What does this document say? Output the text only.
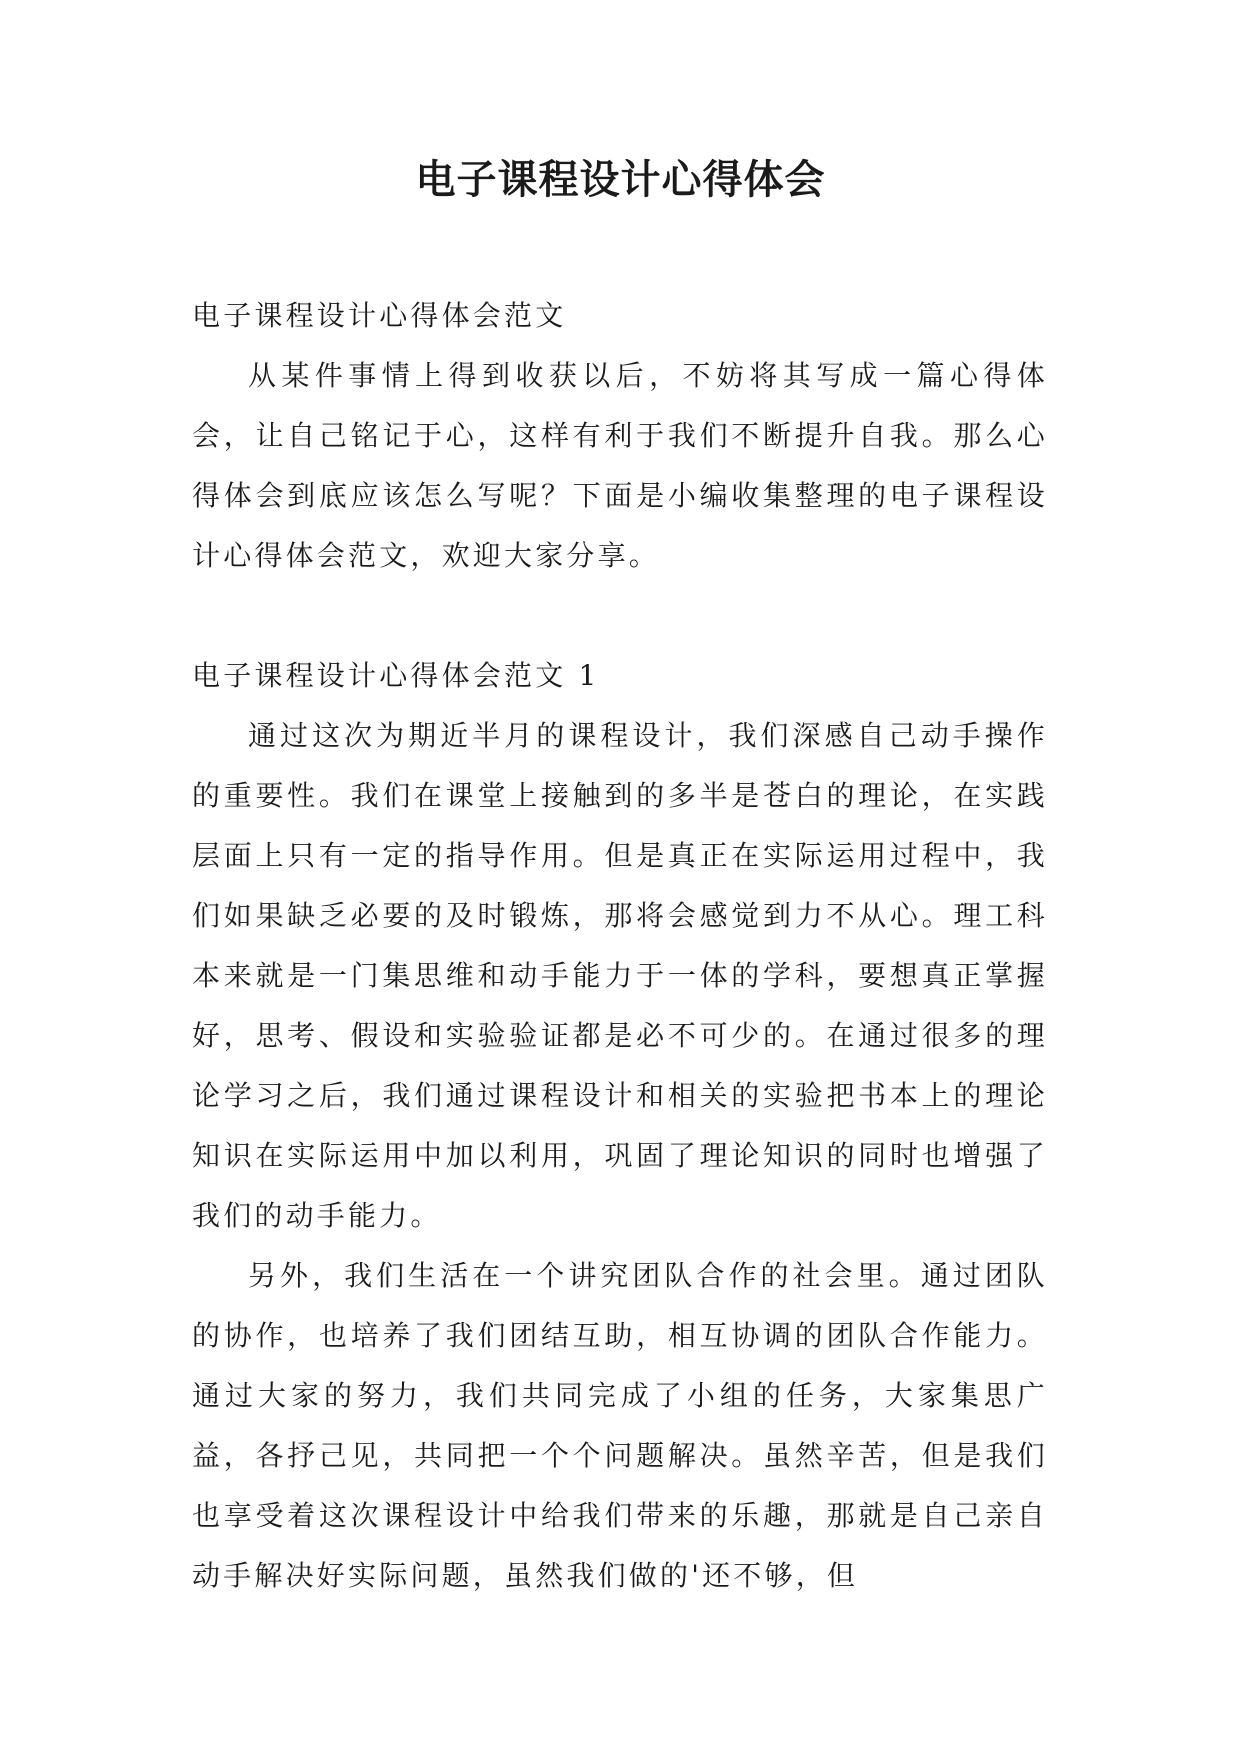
电子课程设计心得体会

电子课程设计心得体会范文

从某件事情上得到收获以后，不妨将其写成一篇心得体会，让自己铭记于心，这样有利于我们不断提升自我。那么心得体会到底应该怎么写呢？下面是小编收集整理的电子课程设计心得体会范文，欢迎大家分享。

电子课程设计心得体会范文 1

通过这次为期近半月的课程设计，我们深感自己动手操作的重要性。我们在课堂上接触到的多半是苍白的理论，在实践层面上只有一定的指导作用。但是真正在实际运用过程中，我们如果缺乏必要的及时锻炼，那将会感觉到力不从心。理工科本来就是一门集思维和动手能力于一体的学科，要想真正掌握好，思考、假设和实验验证都是必不可少的。在通过很多的理论学习之后，我们通过课程设计和相关的实验把书本上的理论知识在实际运用中加以利用，巩固了理论知识的同时也增强了我们的动手能力。

另外，我们生活在一个讲究团队合作的社会里。通过团队的协作，也培养了我们团结互助，相互协调的团队合作能力。通过大家的努力，我们共同完成了小组的任务，大家集思广益，各抒己见，共同把一个个问题解决。虽然辛苦，但是我们也享受着这次课程设计中给我们带来的乐趣，那就是自己亲自动手解决好实际问题，虽然我们做的'还不够，但
